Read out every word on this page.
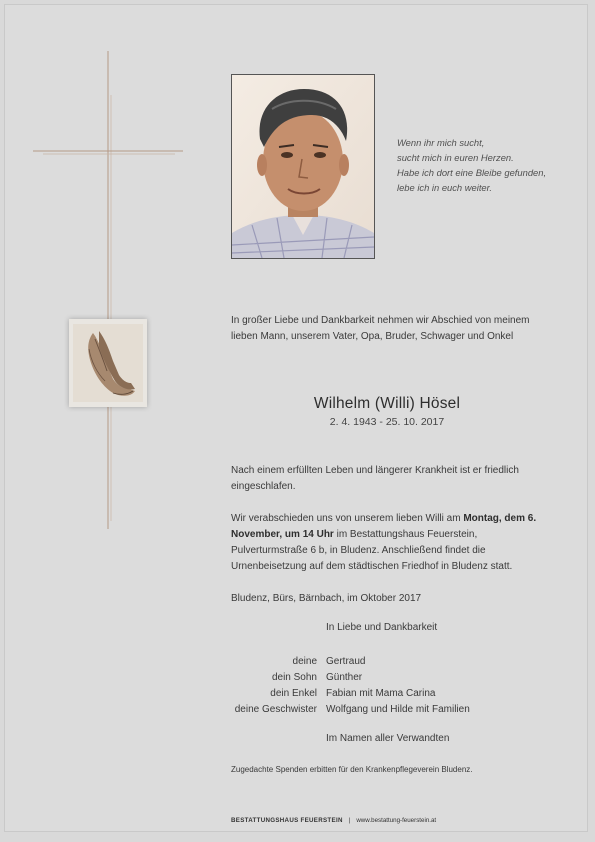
Wenn ihr mich sucht,
sucht mich in euren Herzen.
Habe ich dort eine Bleibe gefunden,
lebe ich in euch weiter.
In großer Liebe und Dankbarkeit nehmen wir Abschied von meinem lieben Mann, unserem Vater, Opa, Bruder, Schwager und Onkel
Wilhelm (Willi) Hösel
2. 4. 1943 - 25. 10. 2017
Nach einem erfüllten Leben und längerer Krankheit ist er friedlich eingeschlafen.
Wir verabschieden uns von unserem lieben Willi am Montag, dem 6. November, um 14 Uhr im Bestattungshaus Feuerstein, Pulverturmstraße 6 b, in Bludenz. Anschließend findet die Urnenbeisetzung auf dem städtischen Friedhof in Bludenz statt.
Bludenz, Bürs, Bärnbach, im Oktober 2017
In Liebe und Dankbarkeit
deine Gertraud
dein Sohn Günther
dein Enkel Fabian mit Mama Carina
deine Geschwister Wolfgang und Hilde mit Familien
Im Namen aller Verwandten
Zugedachte Spenden erbitten für den Krankenpflegeverein Bludenz.
BESTATTUNGSHAUS FEUERSTEIN | www.bestattung-feuerstein.at
